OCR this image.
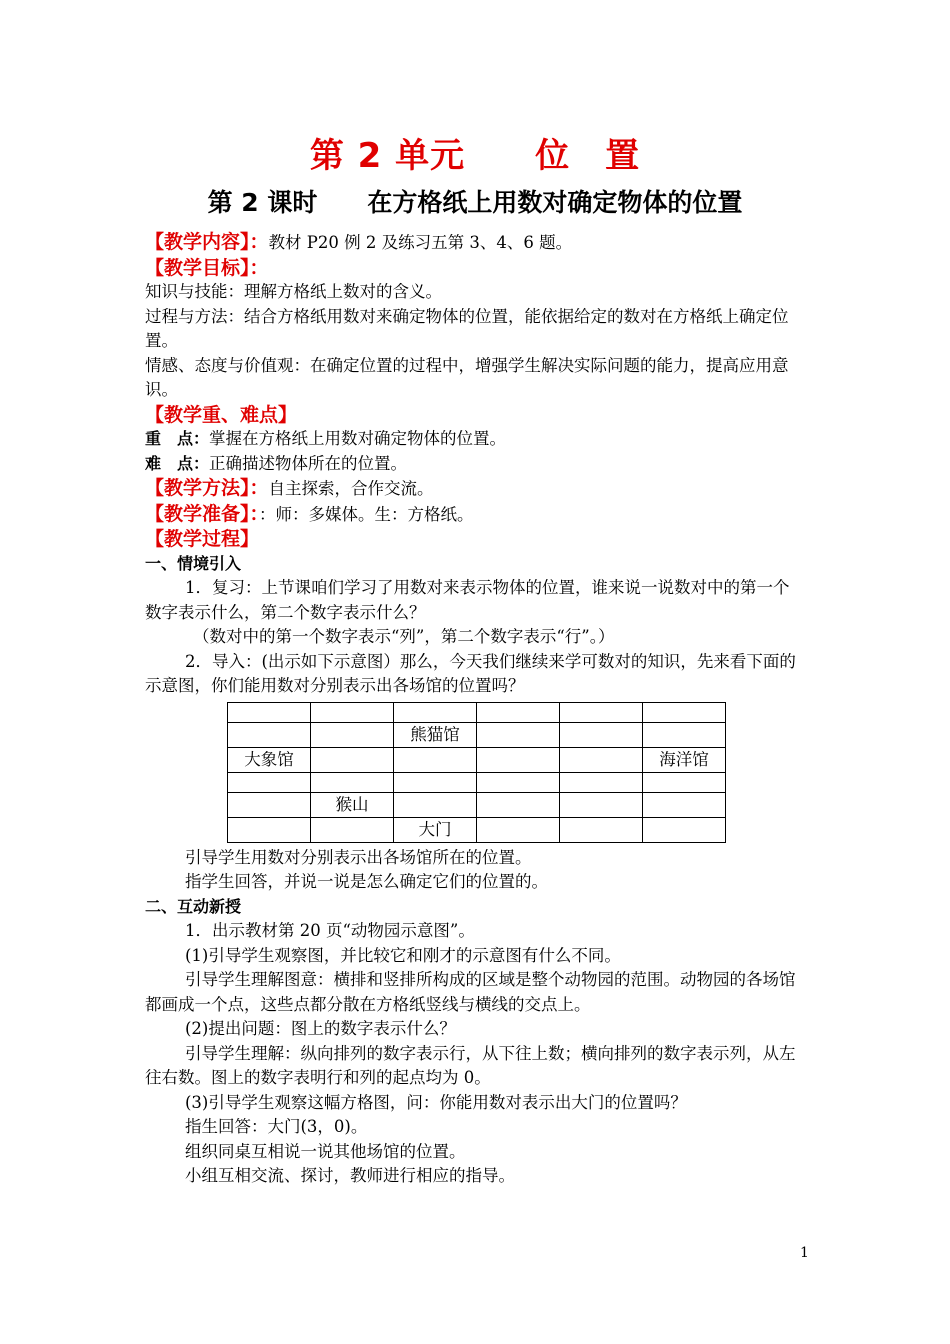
第 2 单元　　位　置
第 2 课时　　在方格纸上用数对确定物体的位置

【教学内容】：教材 P20 例 2 及练习五第 3、4、6 题。

【教学目标】：

知识与技能：理解方格纸上数对的含义。

过程与方法：结合方格纸用数对来确定物体的位置，能依据给定的数对在方格纸上确定位置。

情感、态度与价值观：在确定位置的过程中，增强学生解决实际问题的能力，提高应用意识。

【教学重、难点】

重　点：掌握在方格纸上用数对确定物体的位置。

难　点：正确描述物体所在的位置。

【教学方法】：自主探索，合作交流。

【教学准备】：：师：多媒体。生：方格纸。

【教学过程】

一、情境引入

1．复习：上节课咱们学习了用数对来表示物体的位置，谁来说一说数对中的第一个数字表示什么，第二个数字表示什么？

（数对中的第一个数字表示“列”，第二个数字表示“行”。）

2．导入：(出示如下示意图）那么，今天我们继续来学可数对的知识，先来看下面的示意图，你们能用数对分别表示出各场馆的位置吗？

		熊猫馆			
大象馆					海洋馆

	猴山				
		大门			

引导学生用数对分别表示出各场馆所在的位置。

指学生回答，并说一说是怎么确定它们的位置的。

二、互动新授

1．出示教材第 20 页“动物园示意图”。

(1)引导学生观察图，并比较它和刚才的示意图有什么不同。

引导学生理解图意：横排和竖排所构成的区域是整个动物园的范围。动物园的各场馆都画成一个点，这些点都分散在方格纸竖线与横线的交点上。

(2)提出问题：图上的数字表示什么？

引导学生理解：纵向排列的数字表示行，从下往上数；横向排列的数字表示列，从左往右数。图上的数字表明行和列的起点均为 0。

(3)引导学生观察这幅方格图，问：你能用数对表示出大门的位置吗？

指生回答：大门(3，0)。

组织同桌互相说一说其他场馆的位置。

小组互相交流、探讨，教师进行相应的指导。

1
